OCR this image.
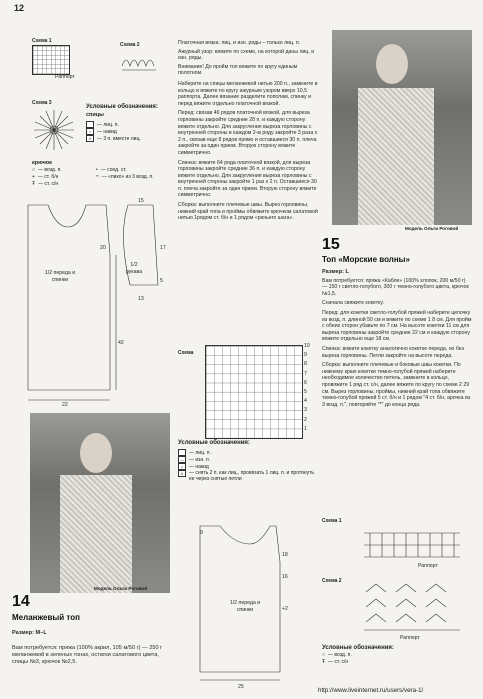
12
Схема 1
Раппорт
Схема 2
Схема 3
Условные обозначения:
спицы
— лиц. п.
○	— накид
Λ	— 3 п. вместе лиц.
крючок
○ — возд. п.	• — соед. ст.
+ — ст. б/н	ᴖ — «пико» из 3 возд. п.
Ŧ — ст. с/н
1/2 переда и спинки
20
42
22
15
17
5
13
1/2 рукава
Модель Ольги Роговой
14
Меланжевый топ
Размер: М–L
Вам потребуется: пряжа (100% акрил, 105 м/50 г) — 250 г меланжевой в зеленых тонах, остатки салатового цвета, спицы №3, крючок №2,5.
Платочная вязка: лиц. и изн. ряды – только лиц. п.
Ажурный узор: вяжите по схеме, на которой даны лиц. и изн. ряды.
Внимание! До пройм топ вяжите по кругу единым полотном.
Наберите на спицы меланжевой нитью 200 п., замкните в кольцо и вяжите по кругу ажурным узором вверх 10,5 раппорта. Далее вязание разделите пополам, спинку и перед вяжите отдельно платочной вязкой.
Перед: связав 46 рядов платочной вязкой, для выреза горловины закройте средние 28 п. и каждую сторону вяжите отдельно. Для закругления выреза горловины с внутренней стороны в каждом 2-м ряду закройте 3 раза х 2 п., связав еще 8 рядов прямо и оставшиеся 30 п. плеча закройте за один прием. Вторую сторону вяжите симметрично.
Спинка: вяжите 64 ряда платочной вязкой, для выреза горловины закройте средние 36 п. и каждую сторону вяжите отдельно. Для закругления выреза горловины с внутренней стороны закройте 1 раз х 2 п. Оставшиеся 30 п. плеча закройте за один прием. Вторую сторону вяжите симметрично.
Сборка: выполните плечевые швы. Вырез горловины, нижний край топа и проймы обвяжите крючком салатовой нитью 1рядом ст. б/н и 1 рядом «рачьего шага».
Схема
10
9
8
7
6
5
4
3
2
1
Условные обозначения:
— лиц. п.
—	— изн. п.
○	— накид
Λ	— снять 2 п. как лиц., провязать 1 лиц. п. и протянуть ее через снятые петли
1/2 переда и спинки
18
16
+2
25
9
Модель Ольги Роговой
15
Топ «Морские волны»
Размер: L
Вам потребуется: пряжа «Кабле» (100% хлопок, 200 м/50 г) — 150 г светло-голубого, 300 г темно-голубого цвета, крючок №1,5.
Сначала свяжите кокетку.
Перед: для кокетки светло-голубой пряжей наберите цепочку из возд. п. длиной 50 см и вяжите по схеме 1 8 см. Для пройм с обеих сторон убавьте по 7 см. На высоте кокетки 11 см для выреза горловины закройте средние 22 см и каждую сторону вяжите отдельно еще 18 см.
Спинка: вяжите кокетку аналогично кокетке переда, но без выреза горловины. Петли закройте на высоте переда.
Сборка: выполните плечевые и боковые швы кокетки. По нижнему краю кокетки темно-голубой пряжей наберите необходимое количество петель, замкните в кольцо, провяжите 1 ряд ст. с/н, далее вяжите по кругу по схеме 2 29 см. Вырез горловины, проймы, нижний край топа обвяжите темно-голубой пряжей 5 ст. б/н и 1 рядом "4 ст. б/н, арочка из 3 возд. п.", повторяйте "*" до конца ряда.
Схема 1
Раппорт
Схема 2
Раппорт
Условные обозначения:
○ — возд. п.
Ŧ — ст. с/н
http://www.liveinternet.ru/users/vera-1/
